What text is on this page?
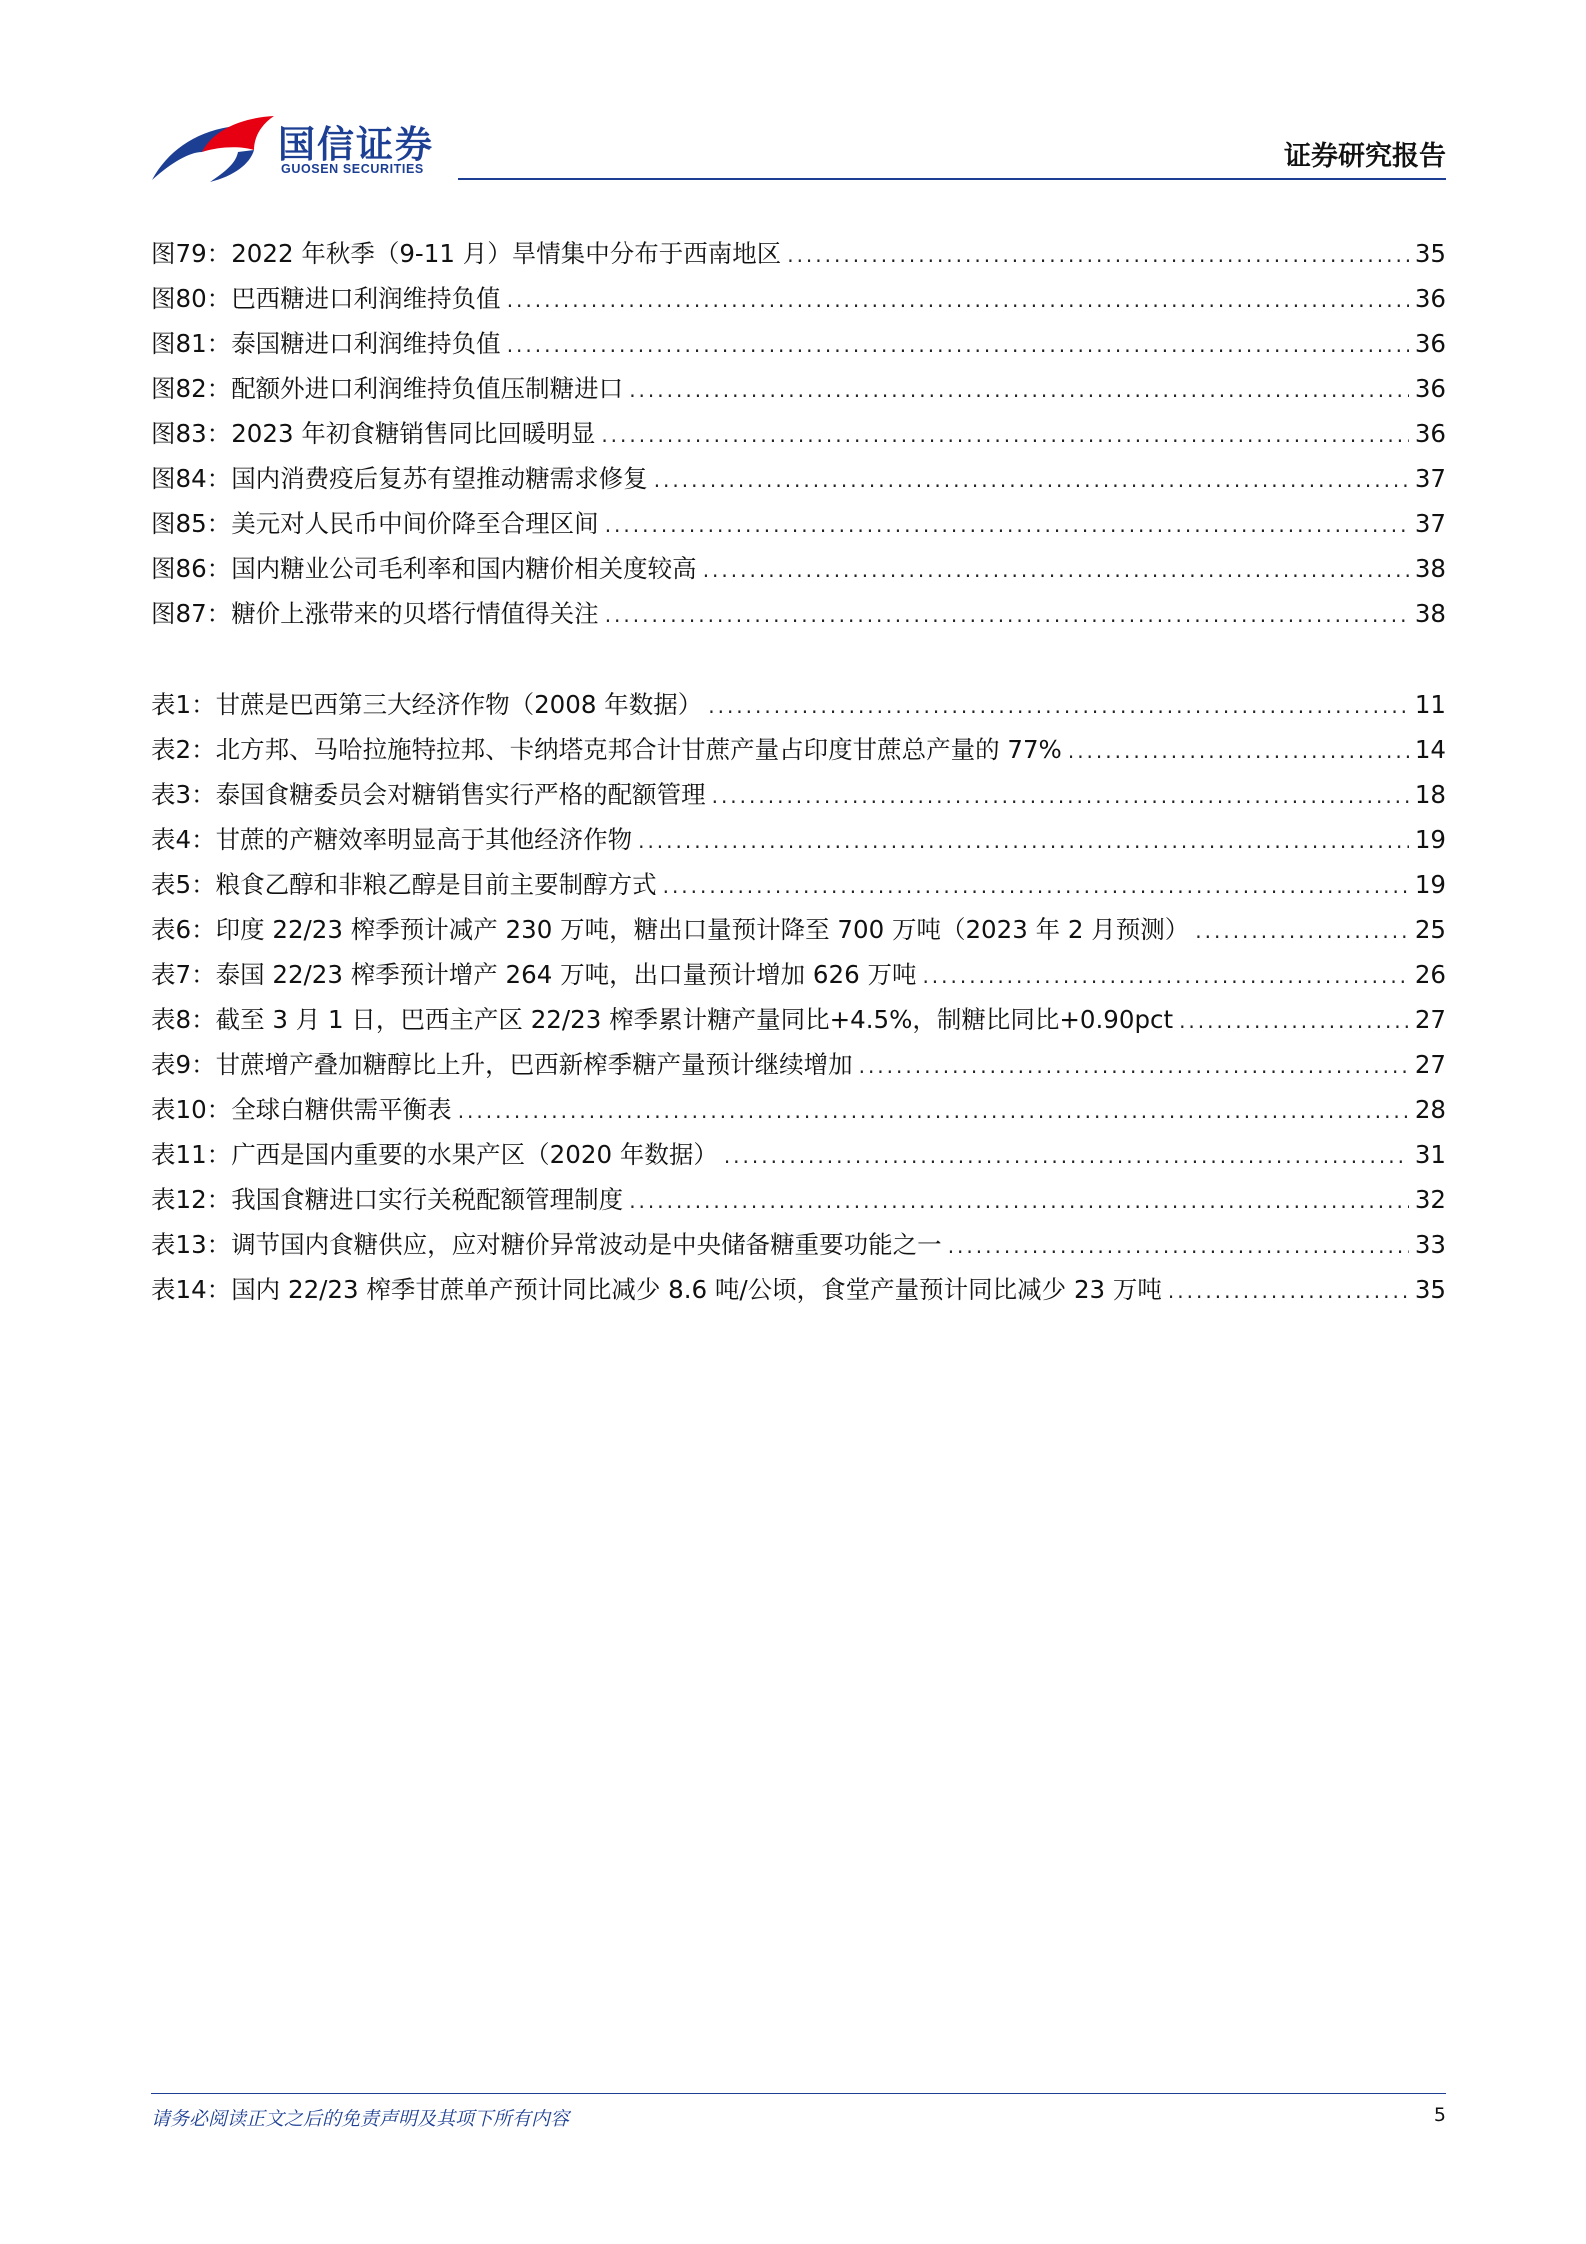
国信证券
GUOSEN SECURITIES	证券研究报告
图79： 2022 年秋季（9-11 月）旱情集中分布于西南地区 .....	35
图80： 巴西糖进口利润维持负值 .....	36
图81： 泰国糖进口利润维持负值 .....	36
图82： 配额外进口利润维持负值压制糖进口 .....	36
图83： 2023 年初食糖销售同比回暖明显 .....	36
图84： 国内消费疫后复苏有望推动糖需求修复 .....	37
图85： 美元对人民币中间价降至合理区间 .....	37
图86： 国内糖业公司毛利率和国内糖价相关度较高 .....	38
图87： 糖价上涨带来的贝塔行情值得关注 .....	38
表1： 甘蔗是巴西第三大经济作物（2008 年数据） .....	11
表2： 北方邦、马哈拉施特拉邦、卡纳塔克邦合计甘蔗产量占印度甘蔗总产量的 77% .....	14
表3： 泰国食糖委员会对糖销售实行严格的配额管理 .....	18
表4： 甘蔗的产糖效率明显高于其他经济作物 .....	19
表5： 粮食乙醇和非粮乙醇是目前主要制醇方式 .....	19
表6： 印度 22/23 榨季预计减产 230 万吨，糖出口量预计降至 700 万吨（2023 年 2 月预测） .....	25
表7： 泰国 22/23 榨季预计增产 264 万吨，出口量预计增加 626 万吨 .....	26
表8： 截至 3 月 1 日，巴西主产区 22/23 榨季累计糖产量同比+4.5%，制糖比同比+0.90pct .....	27
表9： 甘蔗增产叠加糖醇比上升，巴西新榨季糖产量预计继续增加 .....	27
表10： 全球白糖供需平衡表 .....	28
表11： 广西是国内重要的水果产区（2020 年数据） .....	31
表12： 我国食糖进口实行关税配额管理制度 .....	32
表13： 调节国内食糖供应，应对糖价异常波动是中央储备糖重要功能之一 .....	33
表14： 国内 22/23 榨季甘蔗单产预计同比减少 8.6 吨/公顷，食堂产量预计同比减少 23 万吨 .....	35
请务必阅读正文之后的免责声明及其项下所有内容	5
